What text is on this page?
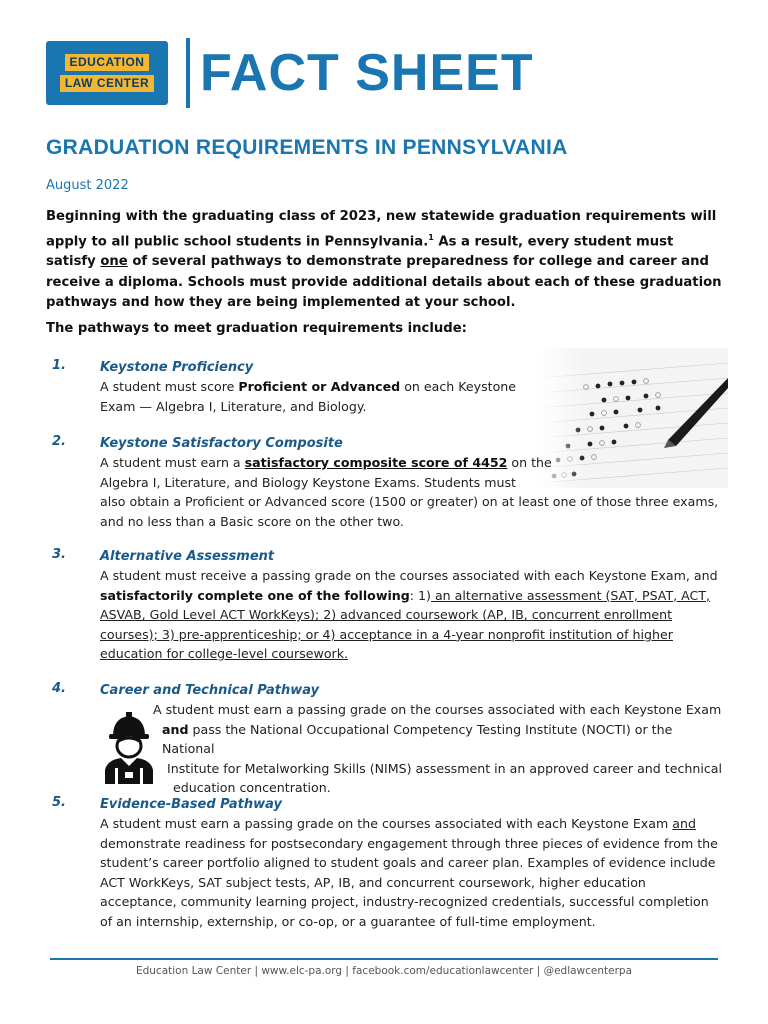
EDUCATION
LAW CENTER FACT SHEET
GRADUATION REQUIREMENTS IN PENNSYLVANIA
August 2022
Beginning with the graduating class of 2023, new statewide graduation requirements will apply to all public school students in Pennsylvania.$^1$ As a result, every student must satisfy one of several pathways to demonstrate preparedness for college and career and receive a diploma. Schools must provide additional details about each of these graduation pathways and how they are being implemented at your school.
The pathways to meet graduation requirements include:
1.	Keystone Proficiency
A student must score Proficient or Advanced on each Keystone
Exam — Algebra I, Literature, and Biology.
2.	Keystone Satisfactory Composite
A student must earn a satisfactory composite score of 4452 on the
Algebra I, Literature, and Biology Keystone Exams. Students must
also obtain a Proficient or Advanced score (1500 or greater) on at least one of those three exams, and no less than a Basic score on the other two.
3.	Alternative Assessment
A student must receive a passing grade on the courses associated with each Keystone Exam, and satisfactorily complete one of the following: 1) an alternative assessment (SAT, PSAT, ACT, ASVAB, Gold Level ACT WorkKeys); 2) advanced coursework (AP, IB, concurrent enrollment courses); 3) pre-apprenticeship; or 4) acceptance in a 4-year nonprofit institution of higher education for college-level coursework.
4.	Career and Technical Pathway
A student must earn a passing grade on the courses associated with each Keystone Exam
and pass the National Occupational Competency Testing Institute (NOCTI) or the National
Institute for Metalworking Skills (NIMS) assessment in an approved career and technical
education concentration.
5.	Evidence-Based Pathway
A student must earn a passing grade on the courses associated with each Keystone Exam and demonstrate readiness for postsecondary engagement through three pieces of evidence from the student’s career portfolio aligned to student goals and career plan. Examples of evidence include ACT WorkKeys, SAT subject tests, AP, IB, and concurrent coursework, higher education acceptance, community learning project, industry-recognized credentials, successful completion of an internship, externship, or co-op, or a guarantee of full-time employment.
Education Law Center | www.elc-pa.org | facebook.com/educationlawcenter | @edlawcenterpa
